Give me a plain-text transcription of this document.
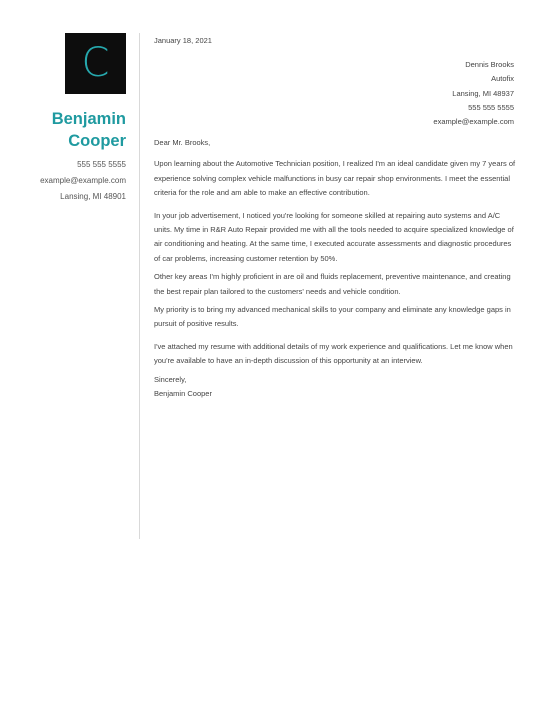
C
Benjamin
Cooper
555 555 5555
example@example.com
Lansing, MI 48901
January 18, 2021
Dennis Brooks
Autofix
Lansing, MI 48937
555 555 5555
example@example.com

Dear Mr. Brooks,

Upon learning about the Automotive Technician position, I realized I'm an ideal candidate given my 7 years of experience solving complex vehicle malfunctions in busy car repair shop environments. I meet the essential criteria for the role and am able to make an effective contribution.

In your job advertisement, I noticed you're looking for someone skilled at repairing auto systems and A/C units. My time in R&R Auto Repair provided me with all the tools needed to acquire specialized knowledge of air conditioning and heating. At the same time, I executed accurate assessments and diagnostic procedures of car problems, increasing customer retention by 50%.

Other key areas I'm highly proficient in are oil and fluids replacement, preventive maintenance, and creating the best repair plan tailored to the customers' needs and vehicle condition.

My priority is to bring my advanced mechanical skills to your company and eliminate any knowledge gaps in pursuit of positive results.

I've attached my resume with additional details of my work experience and qualifications. Let me know when you're available to have an in-depth discussion of this opportunity at an interview.

Sincerely,
Benjamin Cooper
